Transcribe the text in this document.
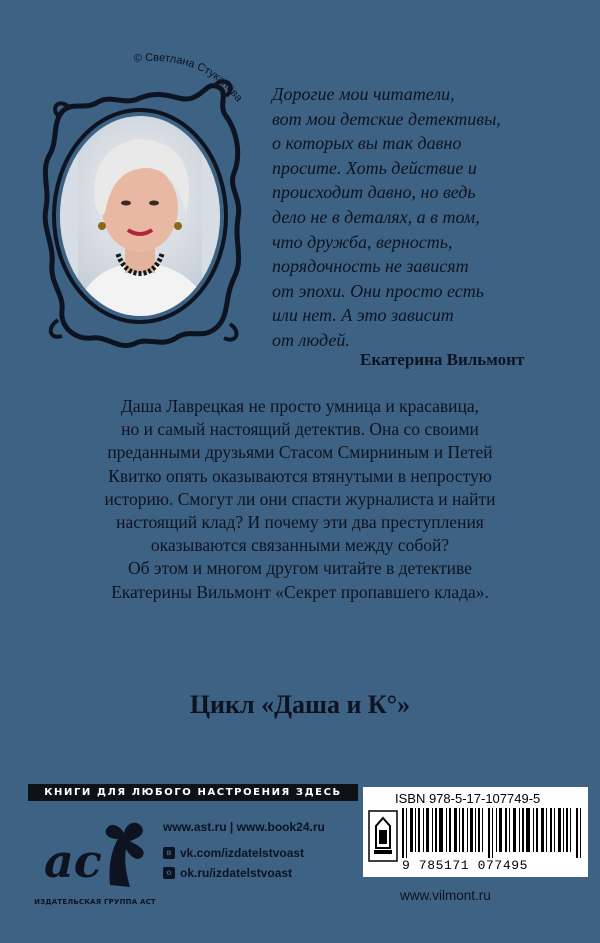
© Светлана Стуканёва Дорогие мои читатели,
вот мои детские детективы,
о которых вы так давно
просите. Хоть действие и
происходит давно, но ведь
дело не в деталях, а в том,
что дружба, верность,
порядочность не зависят
от эпохи. Они просто есть
или нет. А это зависит
от людей.
Екатерина Вильмонт
Даша Лаврецкая не просто умница и красавица,
но и самый настоящий детектив. Она со своими
преданными друзьями Стасом Смирниным и Петей
Квитко опять оказываются втянутыми в непростую
историю. Смогут ли они спасти журналиста и найти
настоящий клад? И почему эти два преступления
оказываются связанными между собой?
Об этом и многом другом читайте в детективе
Екатерины Вильмонт «Секрет пропавшего клада».
Цикл «Даша и К°»
КНИГИ ДЛЯ ЛЮБОГО НАСТРОЕНИЯ ЗДЕСЬ
ac
ИЗДАТЕЛЬСКАЯ ГРУППА АСТ
www.ast.ru | www.book24.ru
в vk.com/izdatelstvoast
о ok.ru/izdatelstvoast
ISBN 978-5-17-107749-5
9 785171 077495
www.vilmont.ru
